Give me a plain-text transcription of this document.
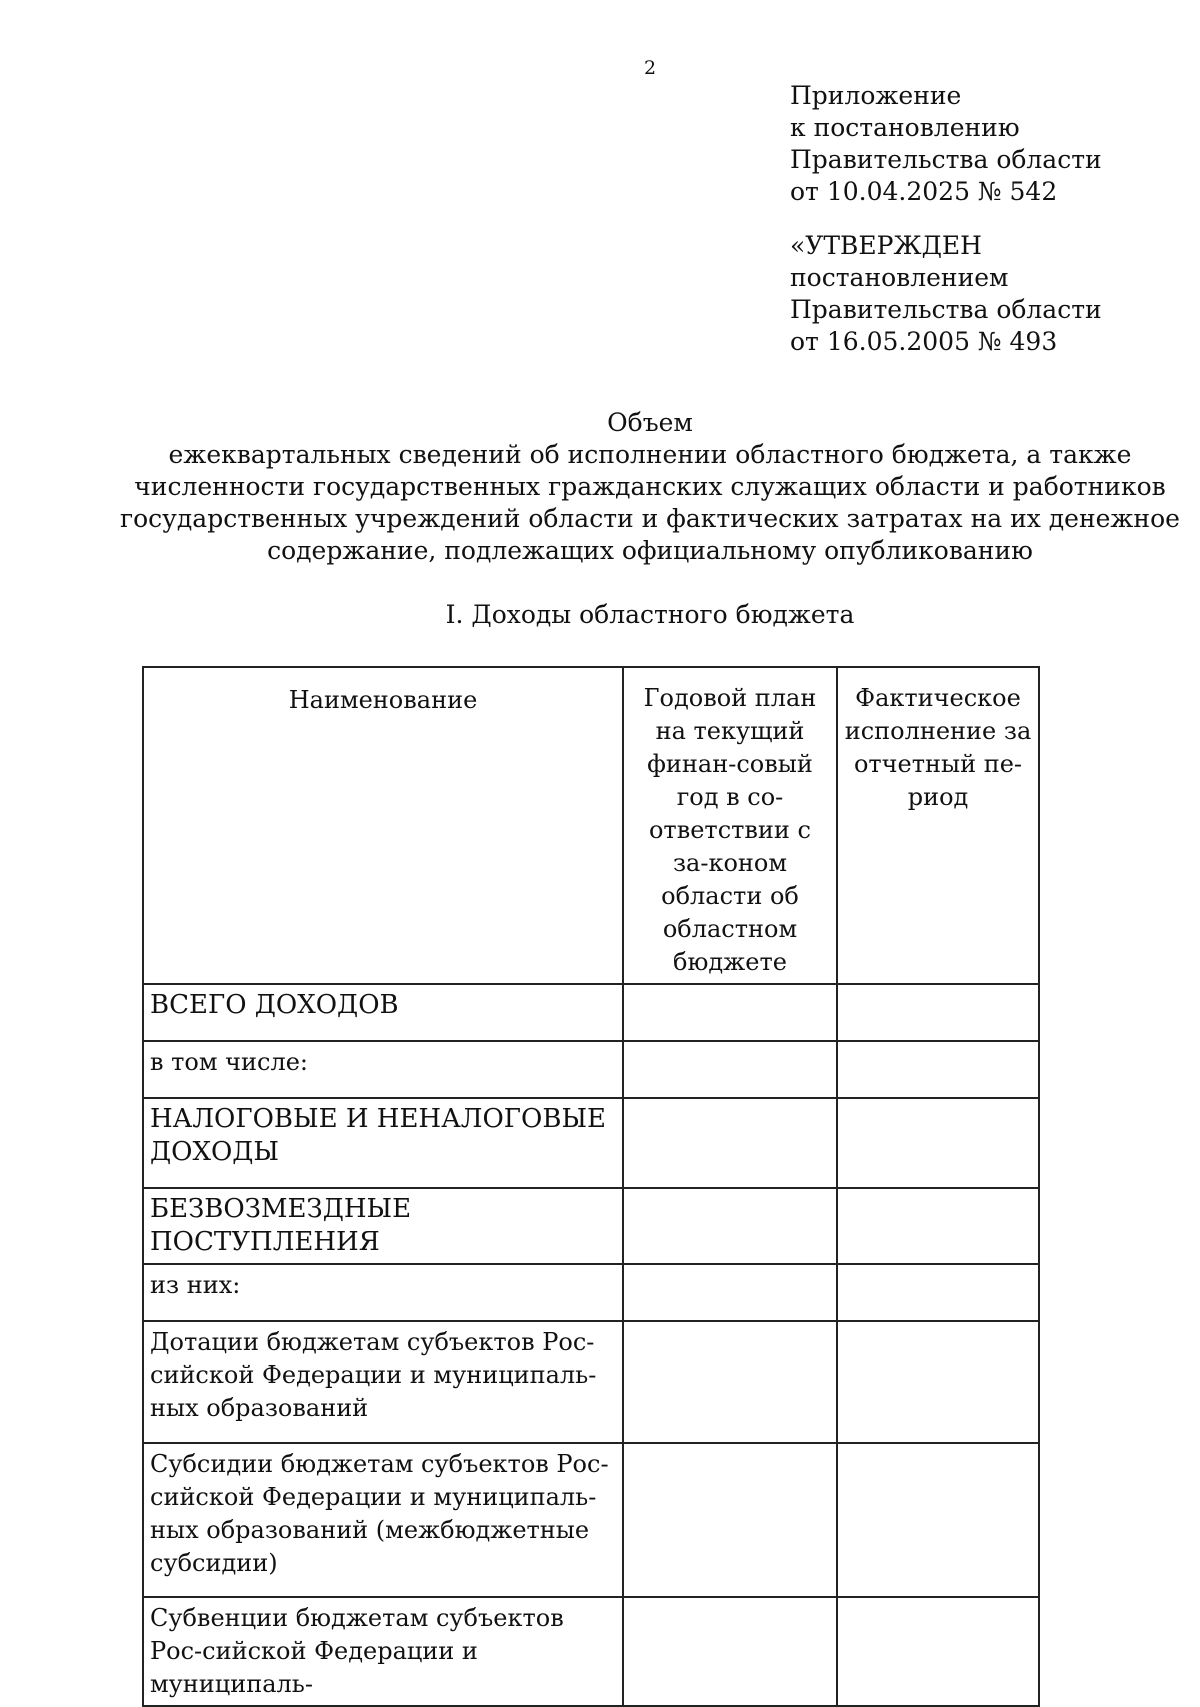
2
Приложение
к постановлению
Правительства области
от 10.04.2025 № 542
«УТВЕРЖДЕН
постановлением
Правительства области
от 16.05.2005 № 493
Объем
ежеквартальных сведений об исполнении областного бюджета, а также
численности государственных гражданских служащих области и работников
государственных учреждений области и фактических затратах на их денежное
содержание, подлежащих официальному опубликованию
I. Доходы областного бюджета
Наименование	Годовой план на текущий финан-совый год в со-ответствии с за-коном области об областном бюджете	Фактическое исполнение за отчетный пе-риод
ВСЕГО ДОХОДОВ		
в том числе:		
НАЛОГОВЫЕ И НЕНАЛОГОВЫЕ ДОХОДЫ		
БЕЗВОЗМЕЗДНЫЕ ПОСТУПЛЕНИЯ		
из них:		
Дотации бюджетам субъектов Рос-сийской Федерации и муниципаль-ных образований		
Субсидии бюджетам субъектов Рос-сийской Федерации и муниципаль-ных образований (межбюджетные субсидии)		
Субвенции бюджетам субъектов Рос-сийской Федерации и муниципаль-		
